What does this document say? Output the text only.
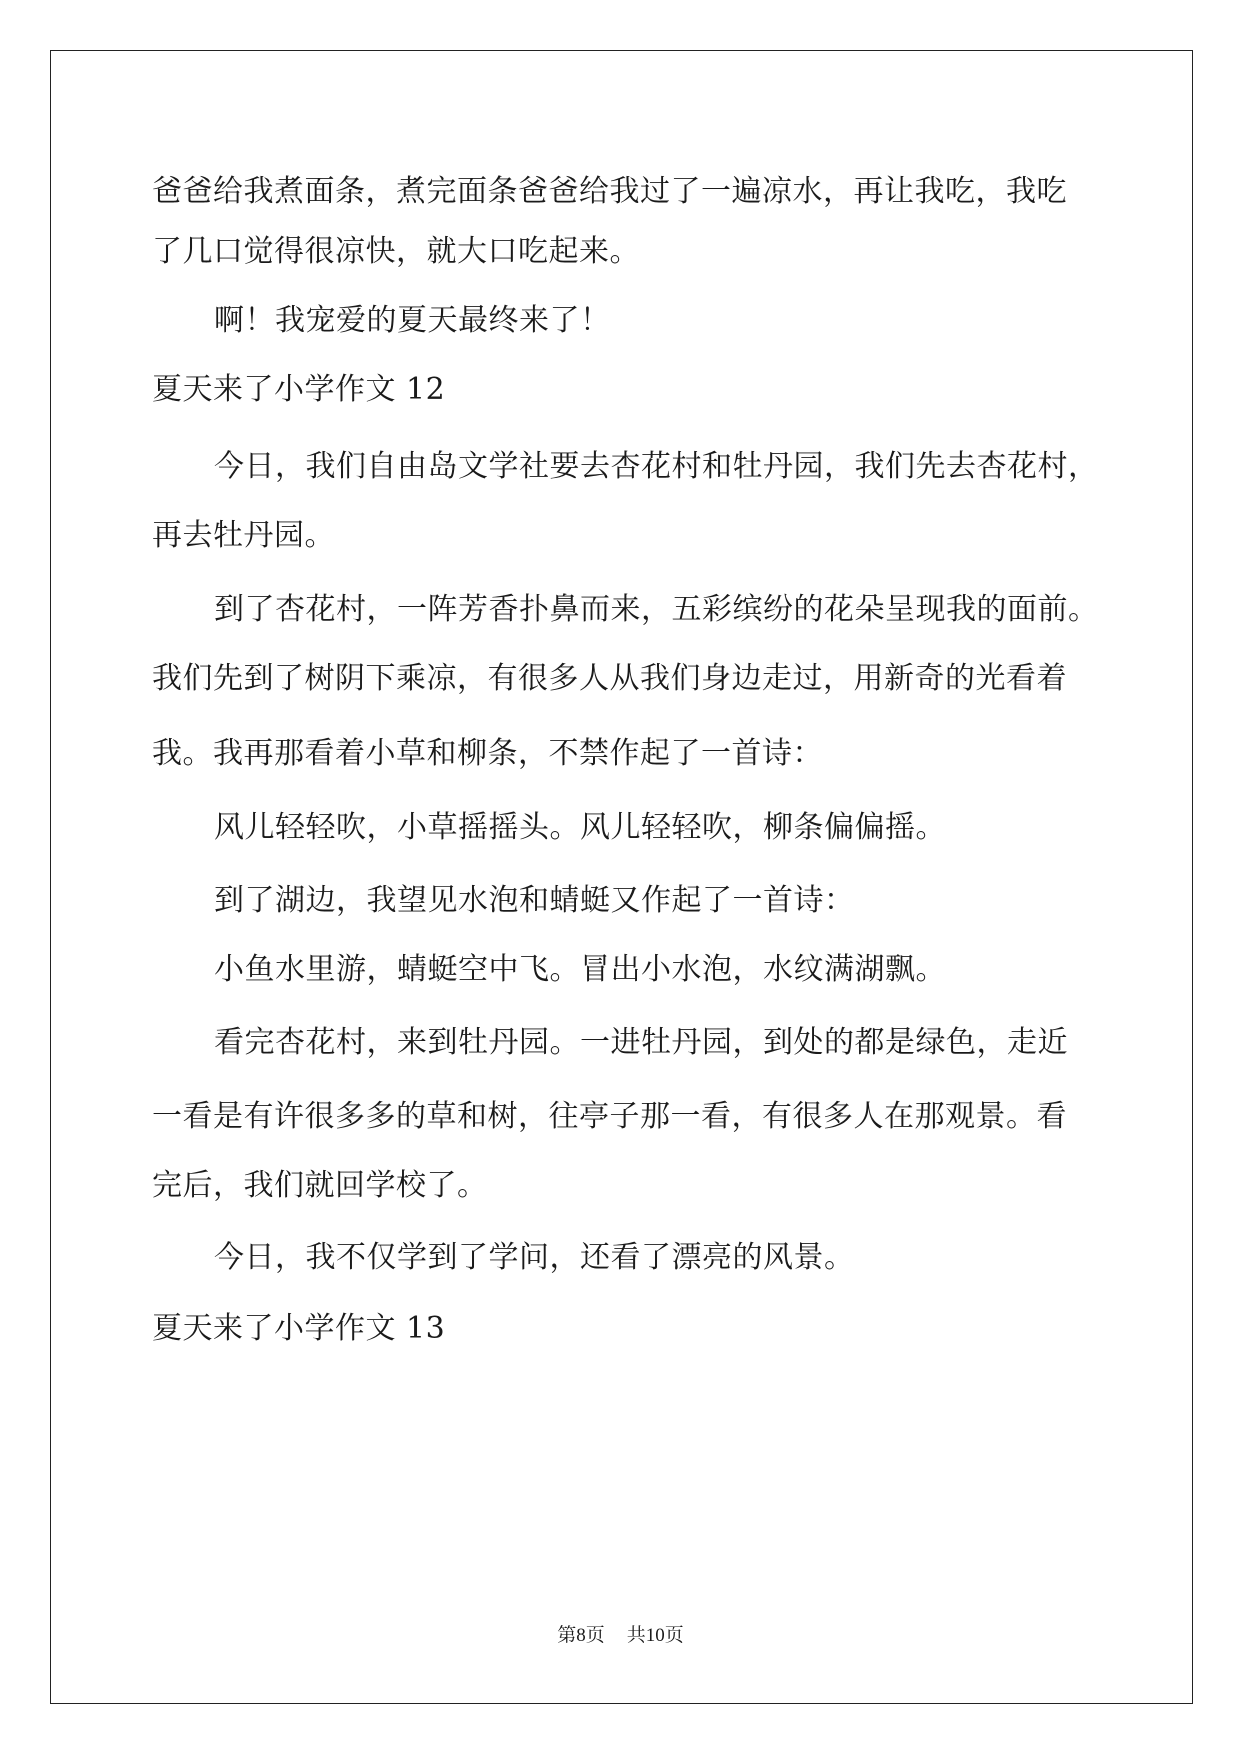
爸爸给我煮面条，煮完面条爸爸给我过了一遍凉水，再让我吃，我吃
了几口觉得很凉快，就大口吃起来。
啊！我宠爱的夏天最终来了！
夏天来了小学作文 12
今日，我们自由岛文学社要去杏花村和牡丹园，我们先去杏花村，
再去牡丹园。
到了杏花村，一阵芳香扑鼻而来，五彩缤纷的花朵呈现我的面前。
我们先到了树阴下乘凉，有很多人从我们身边走过，用新奇的光看着
我。我再那看着小草和柳条，不禁作起了一首诗：
风儿轻轻吹，小草摇摇头。风儿轻轻吹，柳条偏偏摇。
到了湖边，我望见水泡和蜻蜓又作起了一首诗：
小鱼水里游，蜻蜓空中飞。冒出小水泡，水纹满湖飘。
看完杏花村，来到牡丹园。一进牡丹园，到处的都是绿色，走近
一看是有许很多多的草和树，往亭子那一看，有很多人在那观景。看
完后，我们就回学校了。
今日，我不仅学到了学问，还看了漂亮的风景。
夏天来了小学作文 13
第8页 共10页
